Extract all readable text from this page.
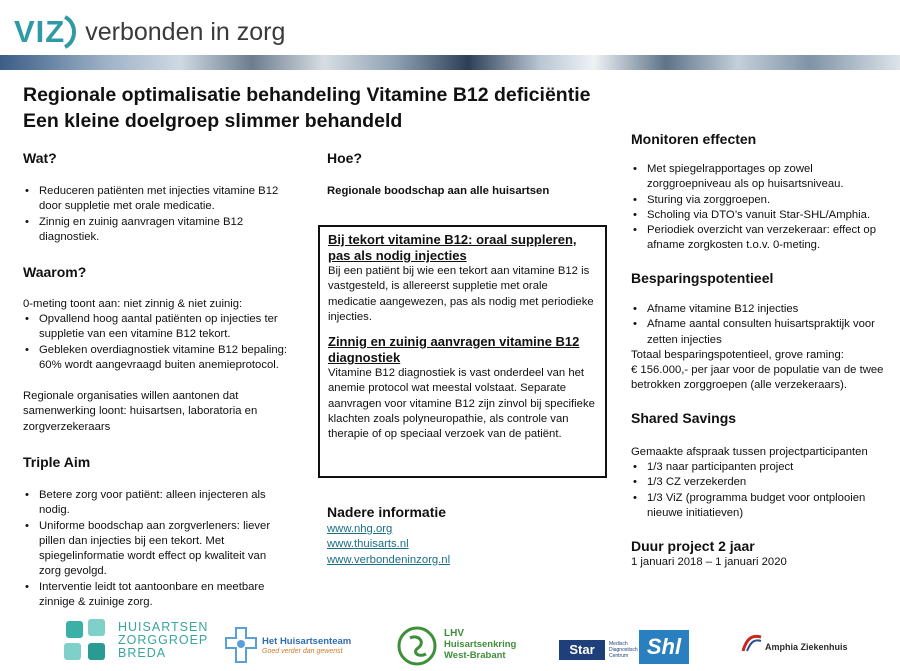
VIZ verbonden in zorg
Regionale optimalisatie behandeling Vitamine B12 deficiëntie
Een kleine doelgroep slimmer behandeld
Wat?
• Reduceren patiënten met injecties vitamine B12 door suppletie met orale medicatie.
• Zinnig en zuinig aanvragen vitamine B12 diagnostiek.
Waarom?
0-meting toont aan: niet zinnig & niet zuinig:
• Opvallend hoog aantal patiënten op injecties ter suppletie van een vitamine B12 tekort.
• Gebleken overdiagnostiek vitamine B12 bepaling: 60% wordt aangevraagd buiten anemieprotocol.
Regionale organisaties willen aantonen dat samenwerking loont: huisartsen, laboratoria en zorgverzekeraars
Triple Aim
• Betere zorg voor patiënt: alleen injecteren als nodig.
• Uniforme boodschap aan zorgverleners: liever pillen dan injecties bij een tekort. Met spiegelinformatie wordt effect op kwaliteit van zorg gevolgd.
• Interventie leidt tot aantoonbare en meetbare zinnige & zuinige zorg.
Hoe?
Regionale boodschap aan alle huisartsen
Bij tekort vitamine B12: oraal suppleren, pas als nodig injecties

Bij een patiënt bij wie een tekort aan vitamine B12 is vastgesteld, is allereerst suppletie met orale medicatie aangewezen, pas als nodig met periodieke injecties.

Zinnig en zuinig aanvragen vitamine B12 diagnostiek

Vitamine B12 diagnostiek is vast onderdeel van het anemie protocol wat meestal volstaat. Separate aanvragen voor vitamine B12 zijn zinvol bij specifieke klachten zoals polyneuropathie, als controle van therapie of op speciaal verzoek van de patiënt.

Nadere informatie
www.nhg.org
www.thuisarts.nl
www.verbondeninzorg.nl
Monitoren effecten
• Met spiegelrapportages op zowel zorggroepniveau als op huisartsniveau.
• Sturing via zorggroepen.
• Scholing via DTO’s vanuit Star-SHL/Amphia.
• Periodiek overzicht van verzekeraar: effect op afname zorgkosten t.o.v. 0-meting.
Besparingspotentieel
• Afname vitamine B12 injecties
• Afname aantal consulten huisartspraktijk voor zetten injecties
Totaal besparingspotentieel, grove raming:
€ 156.000,- per jaar voor de populatie van de twee betrokken zorggroepen (alle verzekeraars).
Shared Savings
Gemaakte afspraak tussen projectparticipanten
• 1/3 naar participanten project
• 1/3 CZ verzekerden
• 1/3 ViZ (programma budget voor ontplooien nieuwe initiatieven)
Duur project 2 jaar
1 januari 2018 – 1 januari 2020
HUISARTSEN
ZORGGROEP
BREDA
Het Huisartsenteam
Goed verder dan gewenst
LHV
Huisartsenkring
West-Brabant	Star	Medisch
Diagnostisch
Centrum Shl	Amphia Ziekenhuis
